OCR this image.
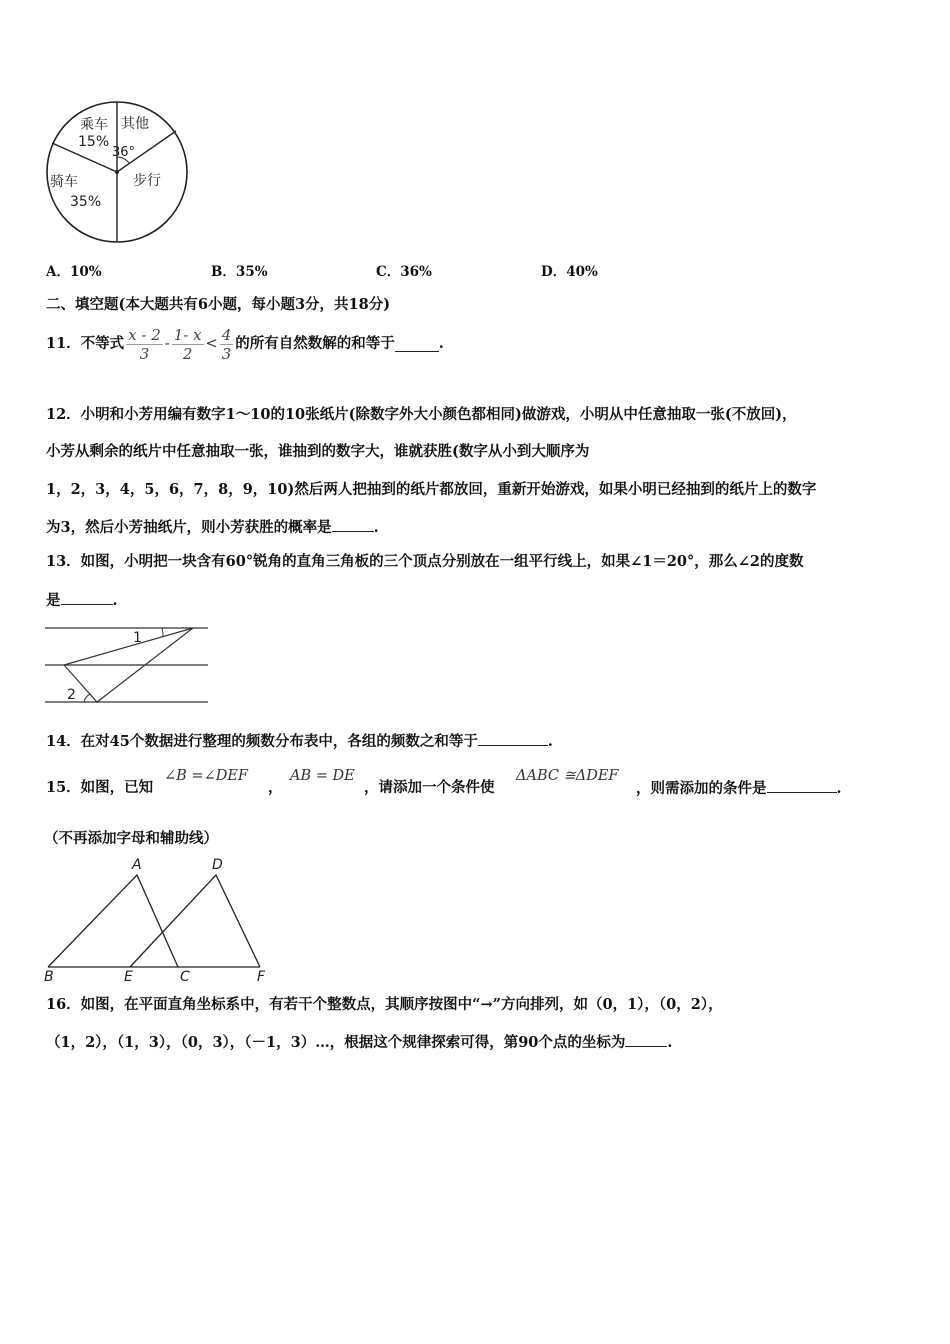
乘车
15%
其他
36°
骑车
35%
步行
A．10%	B．35%	C．36%	D．40%
二、填空题(本大题共有6小题，每小题3分，共18分)
11．不等式 $\frac{x - 2}{3} - \frac{1- x}{2} < \frac{4}{3}$ 的所有自然数解的和等于	.
12．小明和小芳用编有数字1～10的10张纸片(除数字外大小颜色都相同)做游戏，小明从中任意抽取一张(不放回)，
小芳从剩余的纸片中任意抽取一张，谁抽到的数字大，谁就获胜(数字从小到大顺序为
1，2，3，4，5，6，7，8，9，10)然后两人把抽到的纸片都放回，重新开始游戏，如果小明已经抽到的纸片上的数字
为3，然后小芳抽纸片，则小芳获胜的概率是	.
13．如图，小明把一块含有60°锐角的直角三角板的三个顶点分别放在一组平行线上，如果∠1＝20°，那么∠2的度数
是	.
1
2
14．在对45个数据进行整理的频数分布表中，各组的频数之和等于	.
15．如图，已知
∠B =∠DEF
，
AB = DE
，请添加一个条件使
ΔABC ≅ΔDEF
，则需添加的条件是	.
（不再添加字母和辅助线）
A	D
B	E	C	F
16．如图，在平面直角坐标系中，有若干个整数点，其顺序按图中“→”方向排列，如（0，1），（0，2），
（1，2），（1，3），（0，3），（－1，3）…，根据这个规律探索可得，第90个点的坐标为	.
